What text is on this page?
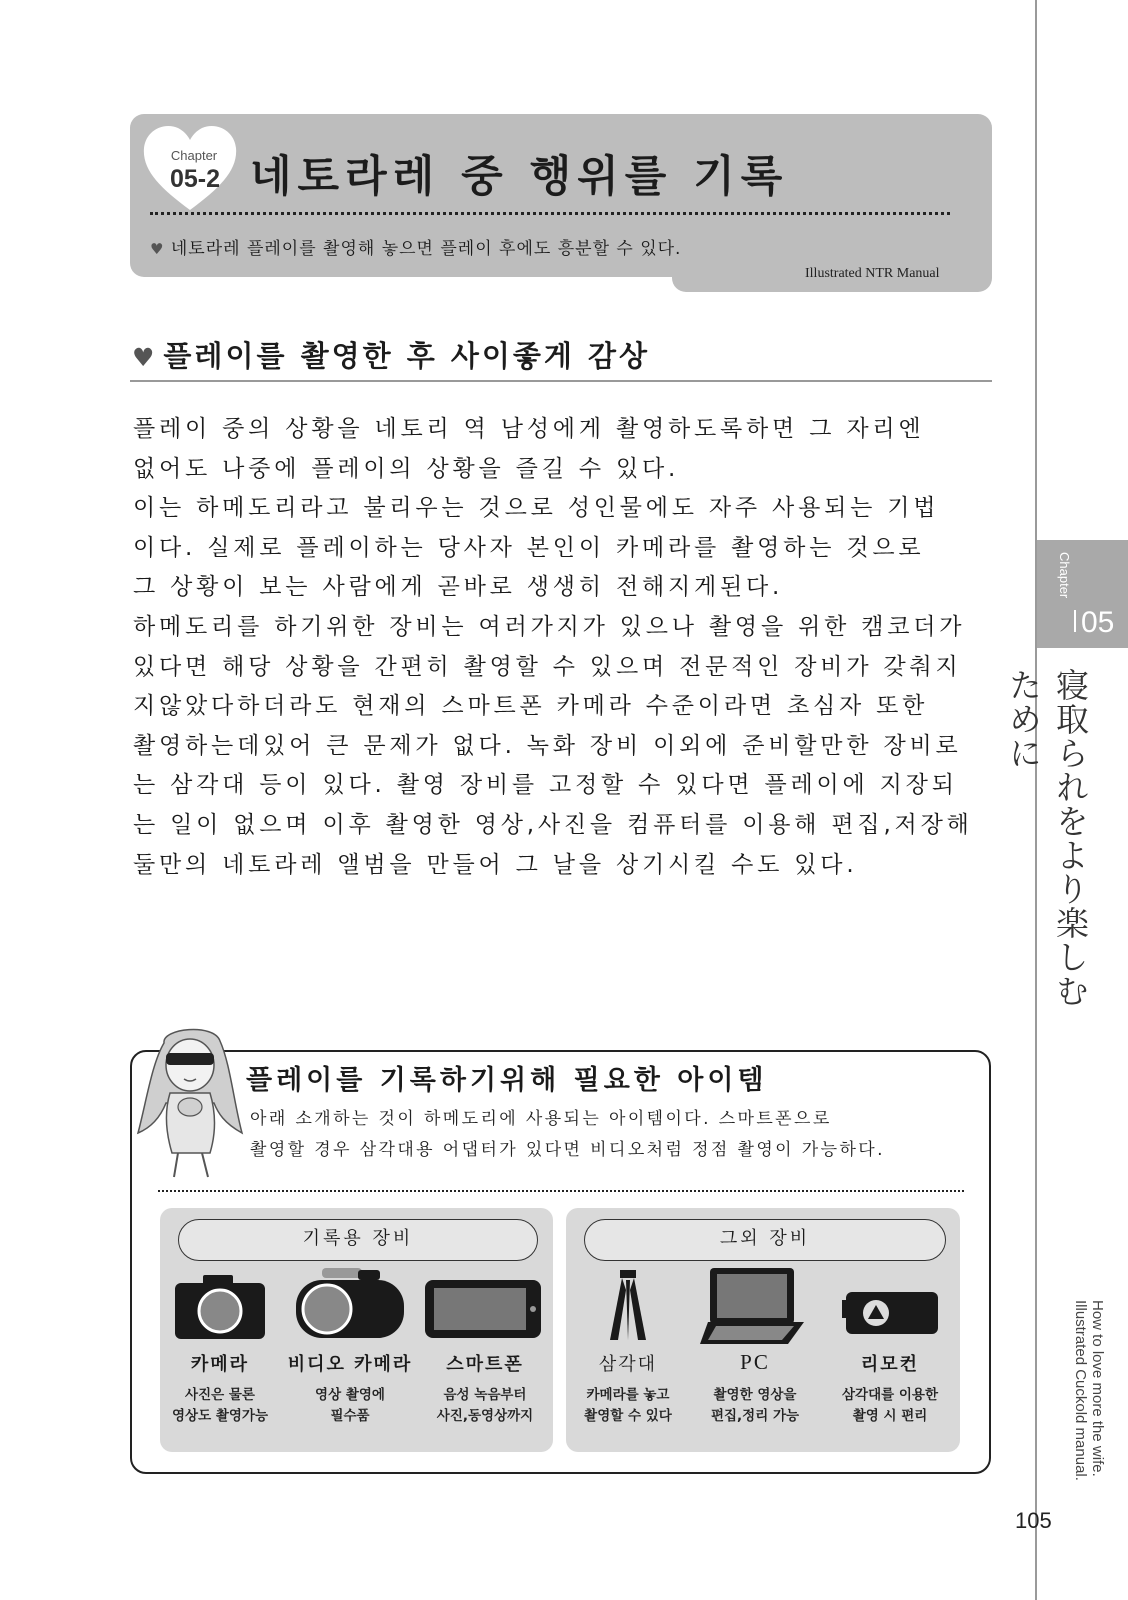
Chapter
05
寝取られをより楽しむために
How to love more the wife.
Illustrated Cuckold manual.
105
Chapter
05-2 네토라레 중 행위를 기록
♥ 네토라레 플레이를 촬영해 놓으면 플레이 후에도 흥분할 수 있다.
Illustrated NTR Manual
♥ 플레이를 촬영한 후 사이좋게 감상

플레이 중의 상황을 네토리 역 남성에게 촬영하도록하면 그 자리엔

없어도 나중에 플레이의 상황을 즐길 수 있다.

이는 하메도리라고 불리우는 것으로 성인물에도 자주 사용되는 기법

이다. 실제로 플레이하는 당사자 본인이 카메라를 촬영하는 것으로

그 상황이 보는 사람에게 곧바로 생생히 전해지게된다.

하메도리를 하기위한 장비는 여러가지가 있으나 촬영을 위한 캠코더가

있다면 해당 상황을 간편히 촬영할 수 있으며 전문적인 장비가 갖춰지

지않았다하더라도 현재의 스마트폰 카메라 수준이라면 초심자 또한

촬영하는데있어 큰 문제가 없다. 녹화 장비 이외에 준비할만한 장비로

는 삼각대 등이 있다. 촬영 장비를 고정할 수 있다면 플레이에 지장되

는 일이 없으며 이후 촬영한 영상,사진을 컴퓨터를 이용해 편집,저장해

둘만의 네토라레 앨범을 만들어 그 날을 상기시킬 수도 있다.

플레이를 기록하기위해 필요한 아이템
아래 소개하는 것이 하메도리에 사용되는 아이템이다. 스마트폰으로
촬영할 경우 삼각대용 어댑터가 있다면 비디오처럼 정점 촬영이 가능하다.
기록용 장비	그외 장비
카메라	비디오 카메라	스마트폰	삼각대	PC	리모컨
사진은 물론
영상도 촬영가능
영상 촬영에
필수품
음성 녹음부터
사진,동영상까지
카메라를 놓고
촬영할 수 있다
촬영한 영상을
편집,정리 가능
삼각대를 이용한
촬영 시 편리
